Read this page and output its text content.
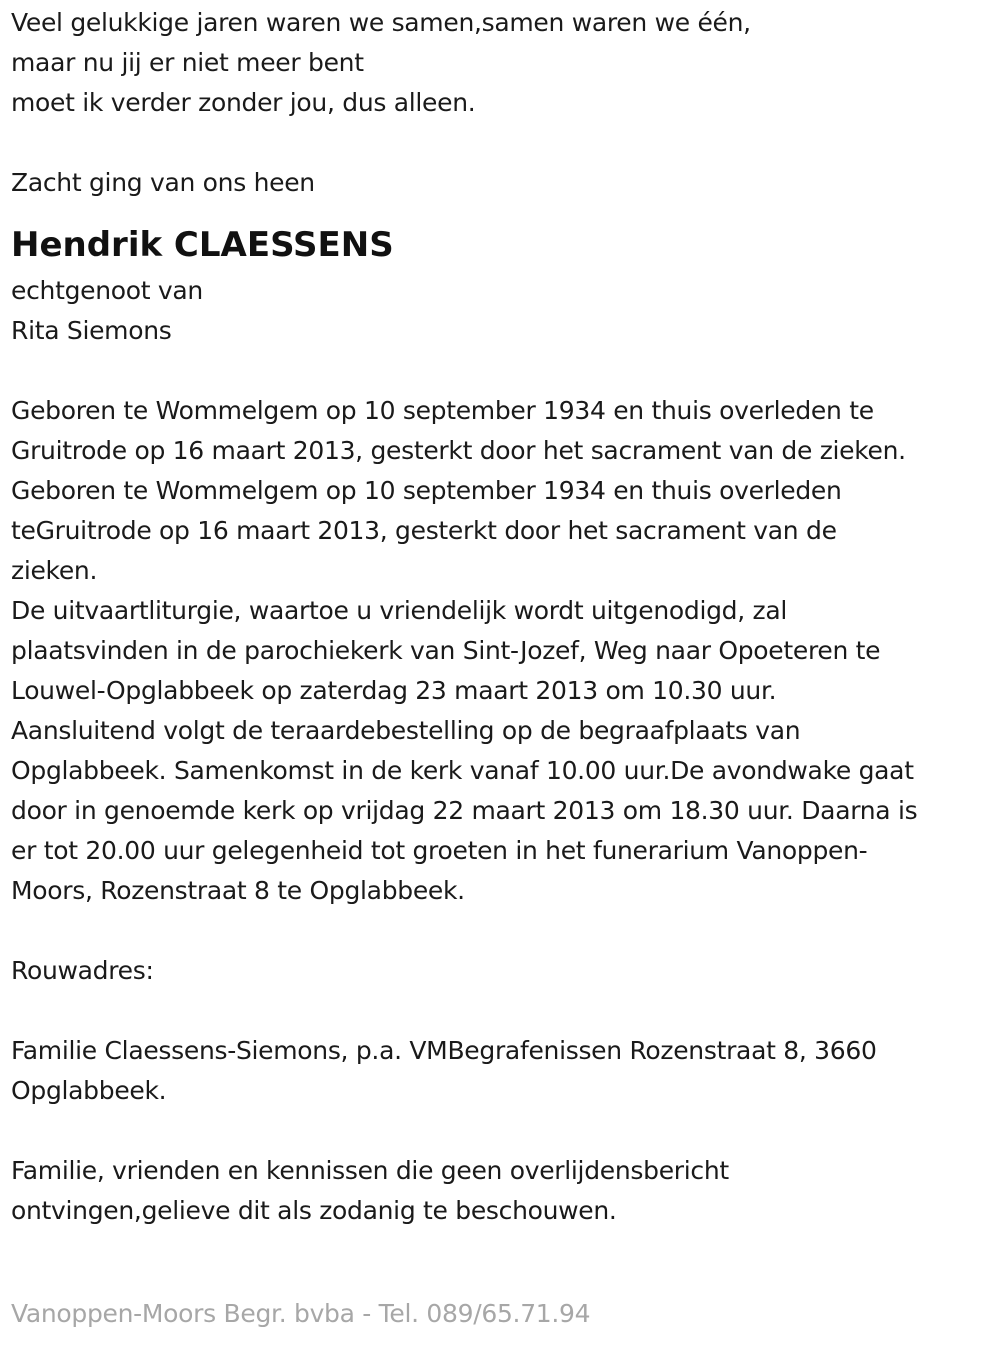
Veel gelukkige jaren waren we samen,samen waren we één,
maar nu jij er niet meer bent
moet ik verder zonder jou, dus alleen.
Zacht ging van ons heen
Hendrik CLAESSENS
echtgenoot van
Rita Siemons
Geboren te Wommelgem op 10 september 1934 en thuis overleden te
Gruitrode op 16 maart 2013, gesterkt door het sacrament van de zieken.
Geboren te Wommelgem op 10 september 1934 en thuis overleden
teGruitrode op 16 maart 2013, gesterkt door het sacrament van de
zieken.
De uitvaartliturgie, waartoe u vriendelijk wordt uitgenodigd, zal
plaatsvinden in de parochiekerk van Sint-Jozef, Weg naar Opoeteren te
Louwel-Opglabbeek op zaterdag 23 maart 2013 om 10.30 uur.
Aansluitend volgt de teraardebestelling op de begraafplaats van
Opglabbeek. Samenkomst in de kerk vanaf 10.00 uur.De avondwake gaat
door in genoemde kerk op vrijdag 22 maart 2013 om 18.30 uur. Daarna is
er tot 20.00 uur gelegenheid tot groeten in het funerarium Vanoppen-
Moors, Rozenstraat 8 te Opglabbeek.
Rouwadres:
Familie Claessens-Siemons, p.a. VMBegrafenissen Rozenstraat 8, 3660
Opglabbeek.
Familie, vrienden en kennissen die geen overlijdensbericht
ontvingen,gelieve dit als zodanig te beschouwen.
Vanoppen-Moors Begr. bvba - Tel. 089/65.71.94
